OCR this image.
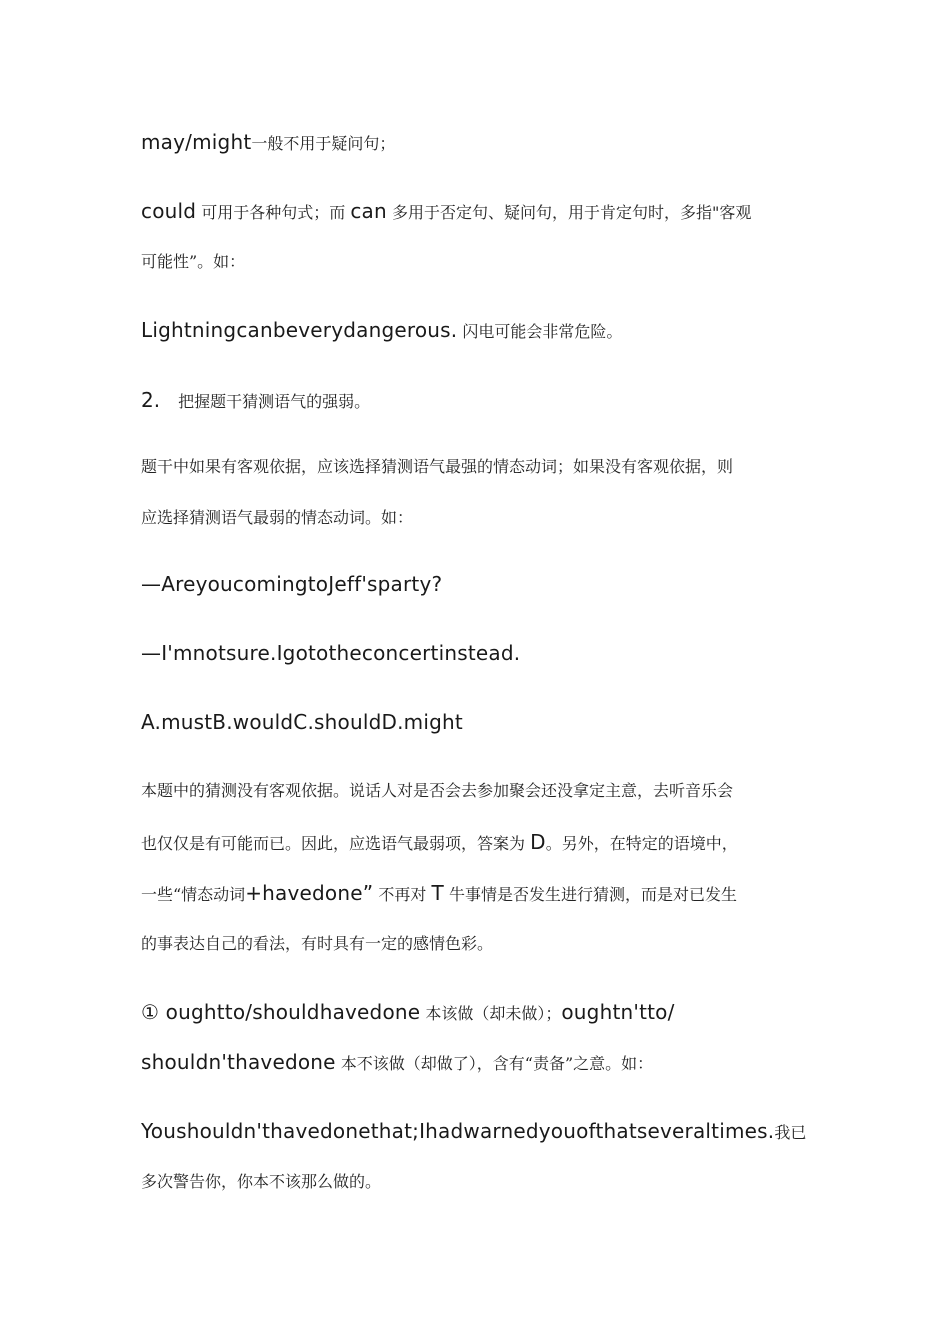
may/might一般不用于疑问句；
could 可用于各种句式；而 can 多用于否定句、疑问句，用于肯定句时，多指"客观
可能性”。如：
Lightningcanbeverydangerous. 闪电可能会非常危险。
2. 把握题干猜测语气的强弱。
题干中如果有客观依据，应该选择猜测语气最强的情态动词；如果没有客观依据，则
应选择猜测语气最弱的情态动词。如：
—AreyoucomingtoJeff'sparty?
—I'mnotsure.Igototheconcertinstead.
A.mustB.wouldC.shouldD.might
本题中的猜测没有客观依据。说话人对是否会去参加聚会还没拿定主意，去听音乐会
也仅仅是有可能而已。因此，应选语气最弱项，答案为 D。另外，在特定的语境中，
一些“情态动词+havedone” 不再对 T 牛事情是否发生进行猜测，而是对已发生
的事表达自己的看法，有时具有一定的感情色彩。
① oughtto/shouldhavedone 本该做（却未做）；oughtn'tto/
shouldn'thavedone 本不该做（却做了），含有“责备”之意。如：
Youshouldn'thavedonethat;Ihadwarnedyouofthatseveraltimes.我已
多次警告你，你本不该那么做的。
